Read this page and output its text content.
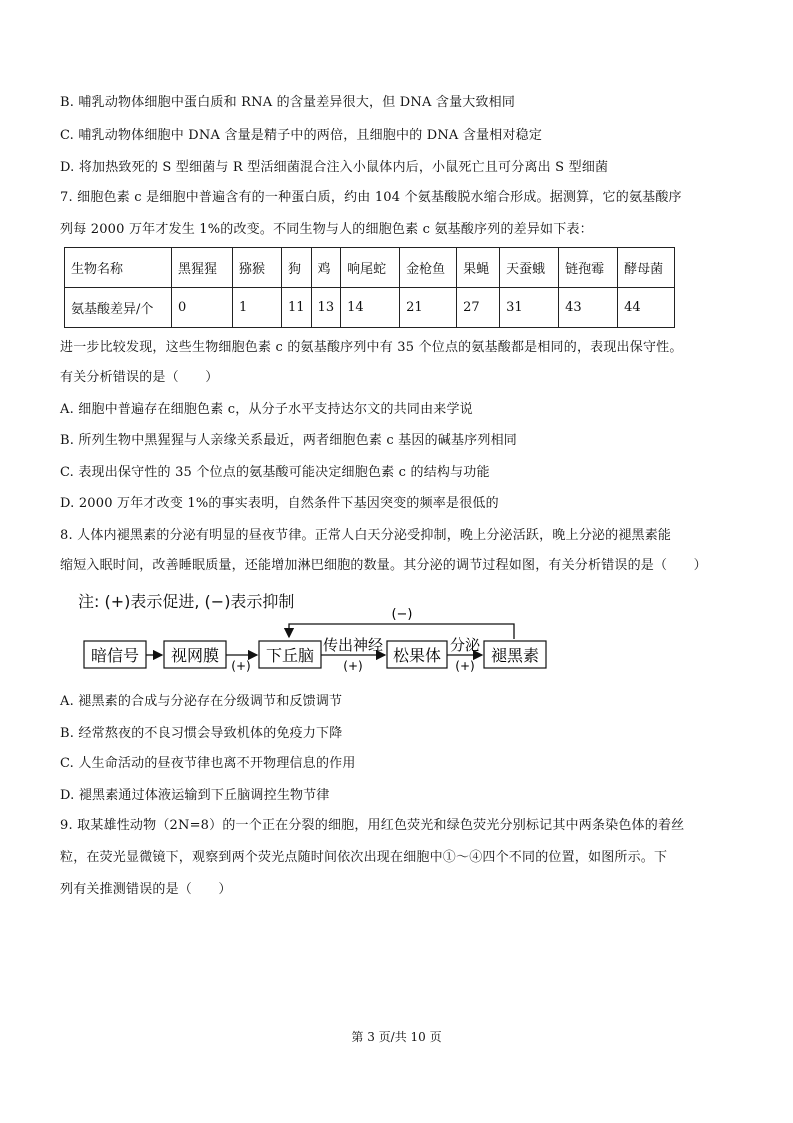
B. 哺乳动物体细胞中蛋白质和 RNA 的含量差异很大，但 DNA 含量大致相同
C. 哺乳动物体细胞中 DNA 含量是精子中的两倍，且细胞中的 DNA 含量相对稳定
D. 将加热致死的 S 型细菌与 R 型活细菌混合注入小鼠体内后，小鼠死亡且可分离出 S 型细菌
7. 细胞色素 c 是细胞中普遍含有的一种蛋白质，约由 104 个氨基酸脱水缩合形成。据测算，它的氨基酸序
列每 2000 万年才发生 1%的改变。不同生物与人的细胞色素 c 氨基酸序列的差异如下表：
生物名称	黑猩猩	猕猴	狗	鸡	响尾蛇	金枪鱼	果蝇	天蚕蛾	链孢霉	酵母菌
氨基酸差异/个	0	1	11	13	14	21	27	31	43	44
进一步比较发现，这些生物细胞色素 c 的氨基酸序列中有 35 个位点的氨基酸都是相同的，表现出保守性。
有关分析错误的是（　　）
A. 细胞中普遍存在细胞色素 c，从分子水平支持达尔文的共同由来学说
B. 所列生物中黑猩猩与人亲缘关系最近，两者细胞色素 c 基因的碱基序列相同
C. 表现出保守性的 35 个位点的氨基酸可能决定细胞色素 c 的结构与功能
D. 2000 万年才改变 1%的事实表明，自然条件下基因突变的频率是很低的
8. 人体内褪黑素的分泌有明显的昼夜节律。正常人白天分泌受抑制，晚上分泌活跃，晚上分泌的褪黑素能
缩短入眠时间，改善睡眠质量，还能增加淋巴细胞的数量。其分泌的调节过程如图，有关分析错误的是（　　）
注: (+)表示促进, (−)表示抑制
(−)
暗信号 视网膜	下丘脑	松果体	褪黑素
(+)
传出神经
(+)
分泌
(+)
A. 褪黑素的合成与分泌存在分级调节和反馈调节
B. 经常熬夜的不良习惯会导致机体的免疫力下降
C. 人生命活动的昼夜节律也离不开物理信息的作用
D. 褪黑素通过体液运输到下丘脑调控生物节律
9. 取某雄性动物（2N=8）的一个正在分裂的细胞，用红色荧光和绿色荧光分别标记其中两条染色体的着丝
粒，在荧光显微镜下，观察到两个荧光点随时间依次出现在细胞中①～④四个不同的位置，如图所示。下
列有关推测错误的是（　　）
第 3 页/共 10 页
